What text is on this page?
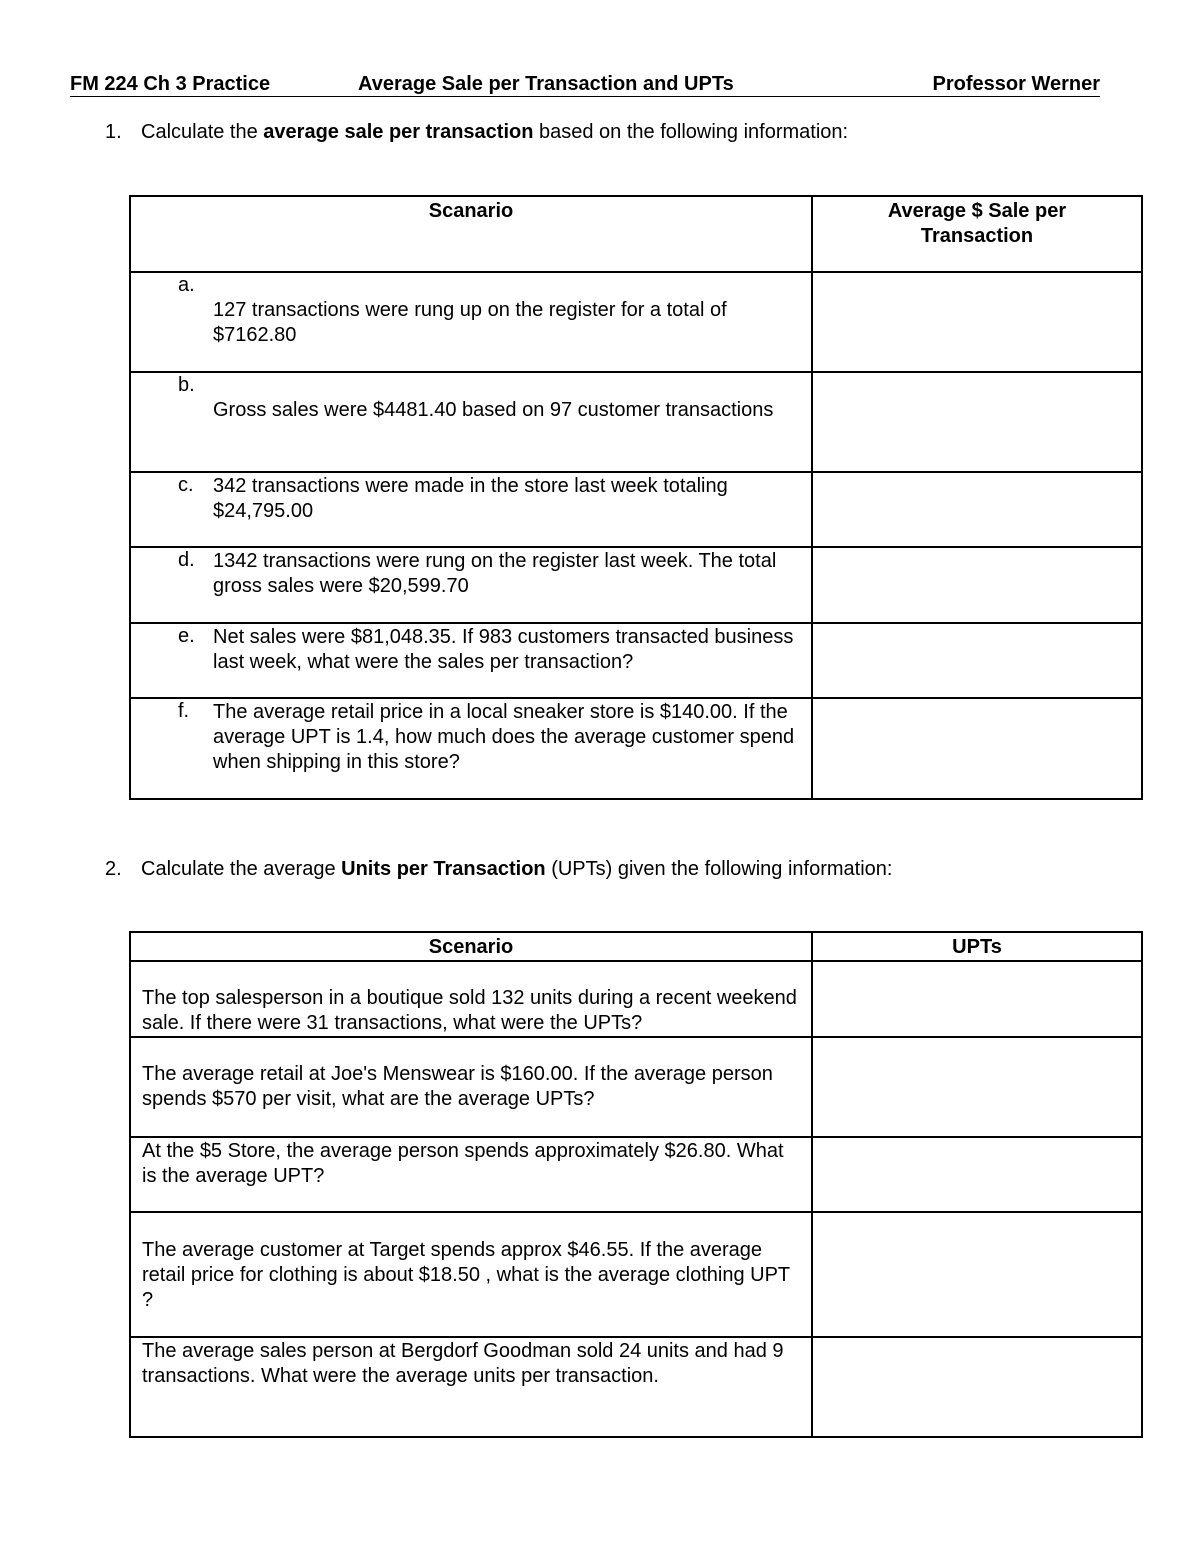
FM 224 Ch 3 Practice	Average Sale per Transaction and UPTs	Professor Werner
1. Calculate the average sale per transaction based on the following information:
Scanario	Average $ Sale per
Transaction

a.
127 transactions were rung up on the register for a total of $7162.80	

b.
Gross sales were $4481.40 based on 97 customer transactions	

c. 342 transactions were made in the store last week totaling $24,795.00	

d. 1342 transactions were rung on the register last week. The total gross sales were $20,599.70	

e. Net sales were $81,048.35. If 983 customers transacted business last week, what were the sales per transaction?	

f. The average retail price in a local sneaker store is $140.00. If the average UPT is 1.4, how much does the average customer spend when shipping in this store?	

2. Calculate the average Units per Transaction (UPTs) given the following information:
Scenario	UPTs

The top salesperson in a boutique sold 132 units during a recent weekend sale. If there were 31 transactions, what were the UPTs?	

The average retail at Joe's Menswear is $160.00. If the average person spends $570 per visit, what are the average UPTs?	

At the $5 Store, the average person spends approximately $26.80. What is the average UPT?	

The average customer at Target spends approx $46.55. If the average retail price for clothing is about $18.50 , what is the average clothing UPT ?	

The average sales person at Bergdorf Goodman sold 24 units and had 9 transactions. What were the average units per transaction.	
